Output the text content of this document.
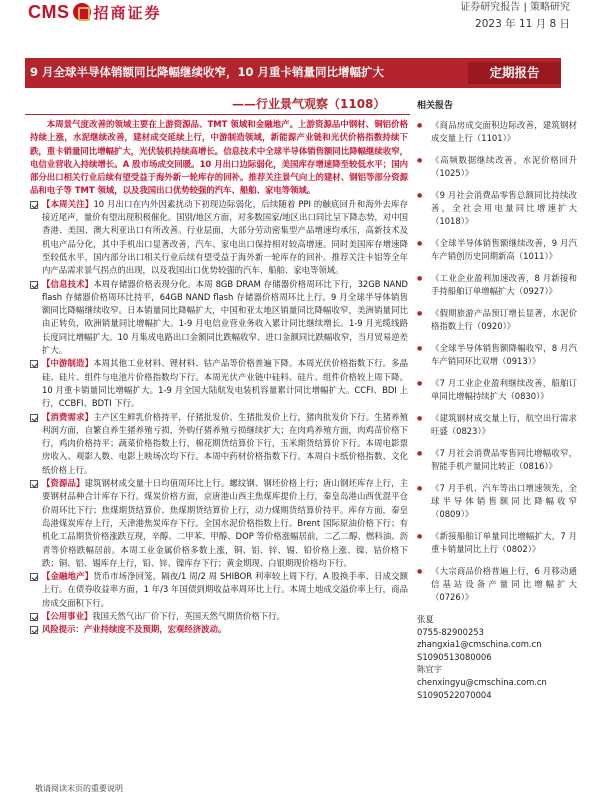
CMS 招商证券	证券研究报告 | 策略研究
2023 年 11 月 8 日
9 月全球半导体销额同比降幅继续收窄，10 月重卡销量同比增幅扩大	定期报告
——行业景气观察（1108）

本周景气度改善的领域主要在上游资源品、TMT 领域和金融地产。上游资源品中钢材、铜铝价格持续上涨，水泥继续改善，建材成交延续上行，中游制造领域，新能源产业链和光伏价格指数持续下跌，重卡销量同比增幅扩大，光伏装机持续高增长。信息技术中全球半导体销售额同比降幅继续收窄，电信业营收入持续增长。A 股市场成交回暖。10 月出口边际弱化，美国库存增速降至较低水平；国内部分出口相关行业后续有望受益于海外新一轮库存的回补。推荐关注景气向上的建材、钢铝等部分资源品和电子等 TMT 领域，以及我国出口优势较强的汽车、船舶、家电等领域。

【本周关注】10 月出口在内外因素扰动下初现边际弱化，后续随着 PPI 的触底回升和海外去库存接近尾声，量价有望出现积极催化。国别/地区方面，对多数国家/地区出口同比呈下降态势，对中国香港、美国、澳大利亚出口有所改善。行业层面，大部分劳动密集型产品增速均承压，高新技术及机电产品分化，其中手机出口显著改善，汽车、家电出口保持相对较高增速。同时美国库存增速降至较低水平，国内部分出口相关行业后续有望受益于海外新一轮库存的回补。推荐关注卡铝等全年内产品需求景气拐点的出现，以及我国出口优势较强的汽车、船舶、家电等领域。

【信息技术】本周存储器价格表现分化。本周 8GB DRAM 存储器价格周环比下行，32GB NAND flash 存储器价格周环比持平，64GB NAND flash 存储器价格周环比上行。9 月全球半导体销售额同比降幅继续收窄。日本销量同比降幅扩大，中国和亚太地区销量同比降幅收窄，美洲销量同比由正转负，欧洲销量同比增幅扩大。1-9 月电信业营业务收入累计同比继续增长。1-9 月光缆线路长度同比增幅扩大。10 月集成电路出口金额同比跌幅收窄、进口金额同比跌幅收窄，当月贸易逆差扩大。

【中游制造】本周其他工业材料、锂材料、钴产品等价格普遍下降。本周光伏价格指数下行。多晶硅、硅片、组件与电池片价格指数均下行。本周光伏产业链中硅料、硅片、组件价格较上周下降。10 月重卡销量同比增幅扩大。1-9 月全国大陆航发电装机容量累计同比增幅扩大。CCFI、BDI 上行，CCBFI、BDTI 下行。

【消费需求】主产区生鲜乳价格持平，仔猪批发价、生猪批发价上行，猪肉批发价下行。生猪养殖利润方面，自繁自养生猪养殖亏损，外购仔猪养殖亏损继续扩大；在肉鸡养殖方面，肉鸡苗价格下行，鸡肉价格持平；蔬菜价格指数上行，棉花期货结算价下行，玉米期货结算价下行。本周电影票房收入、观影人数、电影上映场次均下行。本周中药材价格指数下行。本周白卡纸价格指数、文化纸价格上行。

【资源品】建筑钢材成交量十日均值周环比上行。螺纹钢、钢坯价格上行；唐山钢坯库存上行，主要钢材品种合计库存下行。煤炭价格方面，京唐港山西主焦煤库提价上行，秦皇岛港山西优混平仓价周环比下行；焦煤期货结算价、焦煤期货结算价上行，动力煤期货结算价持平。库存方面，秦皇岛港煤炭库存上行，天津港焦炭库存下行。全国水泥价格指数上行。Brent 国际原油价格下行；有机化工品期货价格涨跌互现，辛醇、二甲苯、甲醇、DOP 等价格涨幅居前，二乙二醇、燃料油、沥青等价格跌幅居前。本周工业金属价格多数上涨，铜、铝、锌、锡、铅价格上涨、镍、钴价格下跌；铜、铝、锡库存上行，铅、锌、镍库存下行；黄金期现、白银期现价格均下行。

【金融地产】货币市场净回笼，隔夜/1 周/2 周 SHIBOR 利率较上周下行。A 股换手率、日成交额上行。在债券收益率方面，1 年/3 年国债到期收益率周环比上行。本周土地成交溢价率上行，商品房成交面积下行。

【公用事业】我国天然气出厂价下行，英国天然气期货价格下行。

风险提示：产业持续度不及预期，宏观经济波动。

相关报告
●	《商品房成交面积边际改善，建筑钢材成交量上行（1101）》
●	《高频数据继续改善，水泥价格回升（1025）》
●	《9 月社会消费品零售总额同比持续改善，全社会用电量同比增速扩大（1018）》
●	《全球半导体销售额继续改善，9 月汽车产销创历史同期新高（1011）》
●	《工业企业盈利加速改善，8 月新接和手持船舶订单增幅扩大（0927）》
●	《假期旅游产品预订增长显著，水泥价格指数上行（0920）》
●	《全球半导体销售额降幅收窄，8 月汽车产销同环比双增（0913）》
●	《7 月工业企业盈利继续改善，船舶订单同比增幅持续扩大（0830）》
●	《建筑钢材成交量上行，航空出行需求旺盛（0823）》
●	《7 月社会消费品零售同比增幅收窄，智能手机产量同比转正（0816）》
●	《7 月手机、汽车等出口增速领先，全球半导体销售额同比降幅收窄（0809）》
●	《新接船舶订单量同比增幅扩大，7 月重卡销量同比上行（0802）》
●	《大宗商品价格普遍上行，6 月移动通信基站设备产量同比增幅扩大（0726）》
张夏
0755-82900253
zhangxia1@cmschina.com.cn
S1090513080006
陈宜宇
chenxingyu@cmschina.com.cn
S1090522070004
敬请阅读末页的重要说明
